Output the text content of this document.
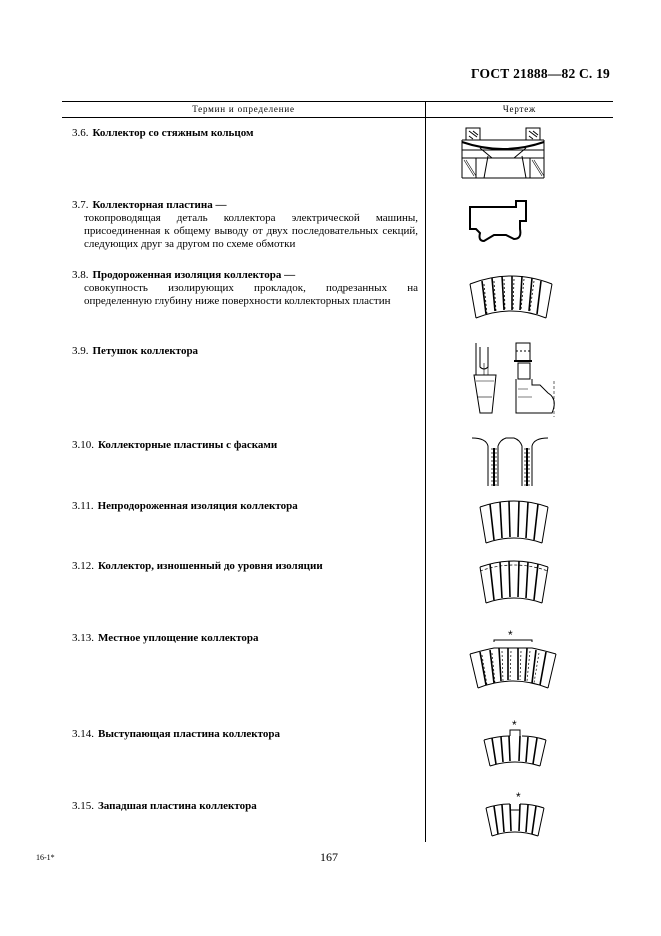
ГОСТ 21888—82 С. 19
Термин и определение	Чертеж
3.6. Коллектор со стяжным кольцом
3.7. Коллекторная пластина —
токопроводящая деталь коллектора электрической машины, присоединенная к общему выводу от двух последовательных секций, следующих друг за другом по схеме обмотки
3.8. Продороженная изоляция коллектора —
совокупность изолирующих прокладок, подрезанных на определенную глубину ниже поверхности коллекторных пластин
3.9. Петушок коллектора
3.10. Коллекторные пластины с фасками
3.11. Непродороженная изоляция коллектора
3.12. Коллектор, изношенный до уровня изоляции
3.13. Местное уплощение коллектора
3.14. Выступающая пластина коллектора
3.15. Западшая пластина коллектора
*
*
*
16-1*	167
